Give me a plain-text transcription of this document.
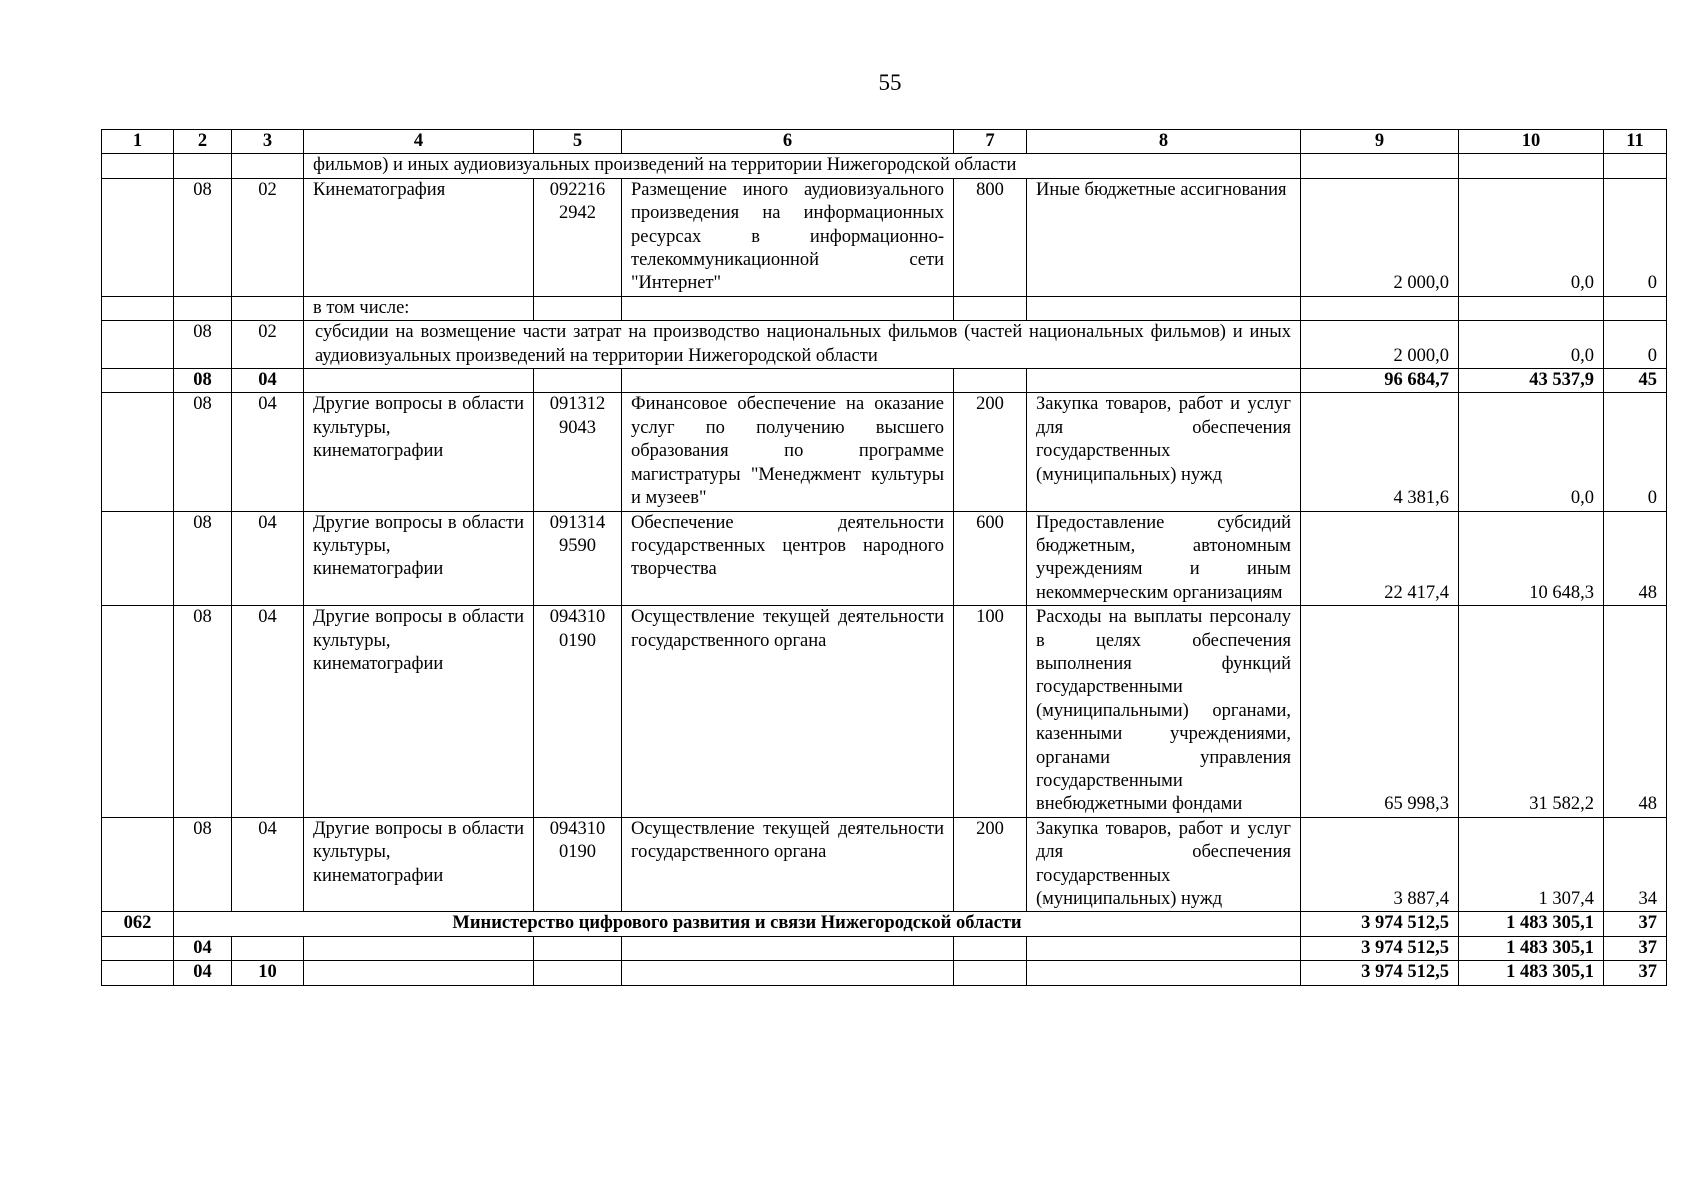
55
1	2	3	4	5	6	7	8	9	10	11
			фильмов) и иных аудиовизуальных произведений на территории Нижегородской области							
	08	02	Кинематография	092216 2942	Размещение иного аудиовизуального произведения на информационных ресурсах в информационно-телекоммуникационной сети "Интернет"	800	Иные бюджетные ассигнования	2 000,0	0,0	0
			в том числе:							
	08	02	субсидии на возмещение части затрат на производство национальных фильмов (частей национальных фильмов) и иных аудиовизуальных произведений на территории Нижегородской области					2 000,0	0,0	0
	08	04						96 684,7	43 537,9	45
	08	04	Другие вопросы в области культуры, кинематографии	091312 9043	Финансовое обеспечение на оказание услуг по получению высшего образования по программе магистратуры "Менеджмент культуры и музеев"	200	Закупка товаров, работ и услуг для обеспечения государственных (муниципальных) нужд	4 381,6	0,0	0
	08	04	Другие вопросы в области культуры, кинематографии	091314 9590	Обеспечение деятельности государственных центров народного творчества	600	Предоставление субсидий бюджетным, автономным учреждениям и иным некоммерческим организациям	22 417,4	10 648,3	48
	08	04	Другие вопросы в области культуры, кинематографии	094310 0190	Осуществление текущей деятельности государственного органа	100	Расходы на выплаты персоналу в целях обеспечения выполнения функций государственными (муниципальными) органами, казенными учреждениями, органами управления государственными внебюджетными фондами	65 998,3	31 582,2	48
	08	04	Другие вопросы в области культуры, кинематографии	094310 0190	Осуществление текущей деятельности государственного органа	200	Закупка товаров, работ и услуг для обеспечения государственных (муниципальных) нужд	3 887,4	1 307,4	34
062	Министерство цифрового развития и связи Нижегородской области							3 974 512,5	1 483 305,1	37
	04							3 974 512,5	1 483 305,1	37
	04	10						3 974 512,5	1 483 305,1	37
